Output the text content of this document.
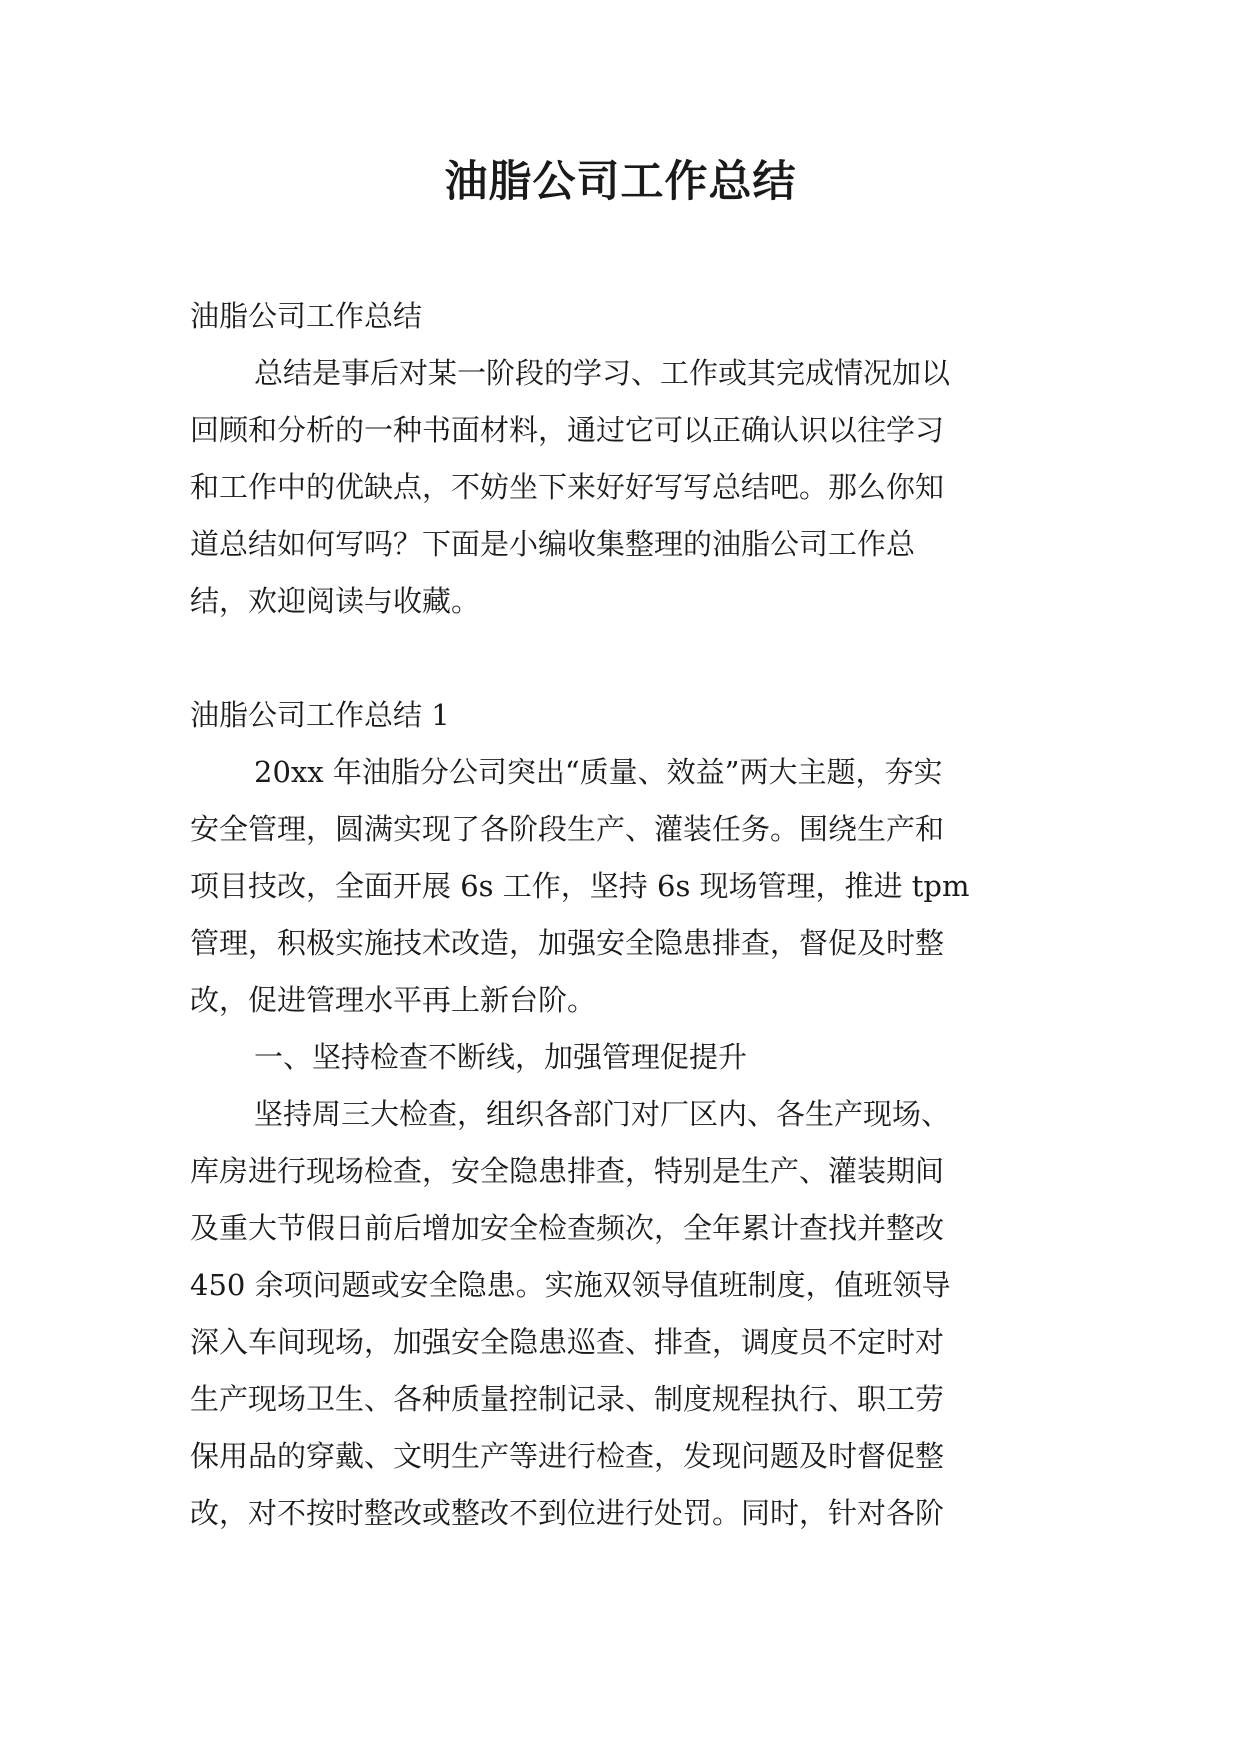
油脂公司工作总结
油脂公司工作总结
总结是事后对某一阶段的学习、工作或其完成情况加以
回顾和分析的一种书面材料，通过它可以正确认识以往学习
和工作中的优缺点，不妨坐下来好好写写总结吧。那么你知
道总结如何写吗？下面是小编收集整理的油脂公司工作总
结，欢迎阅读与收藏。
油脂公司工作总结 1
20xx 年油脂分公司突出“质量、效益”两大主题，夯实
安全管理，圆满实现了各阶段生产、灌装任务。围绕生产和
项目技改，全面开展 6s 工作，坚持 6s 现场管理，推进 tpm
管理，积极实施技术改造，加强安全隐患排查，督促及时整
改，促进管理水平再上新台阶。
一、坚持检查不断线，加强管理促提升
坚持周三大检查，组织各部门对厂区内、各生产现场、
库房进行现场检查，安全隐患排查，特别是生产、灌装期间
及重大节假日前后增加安全检查频次，全年累计查找并整改
450 余项问题或安全隐患。实施双领导值班制度，值班领导
深入车间现场，加强安全隐患巡查、排查，调度员不定时对
生产现场卫生、各种质量控制记录、制度规程执行、职工劳
保用品的穿戴、文明生产等进行检查，发现问题及时督促整
改，对不按时整改或整改不到位进行处罚。同时，针对各阶
